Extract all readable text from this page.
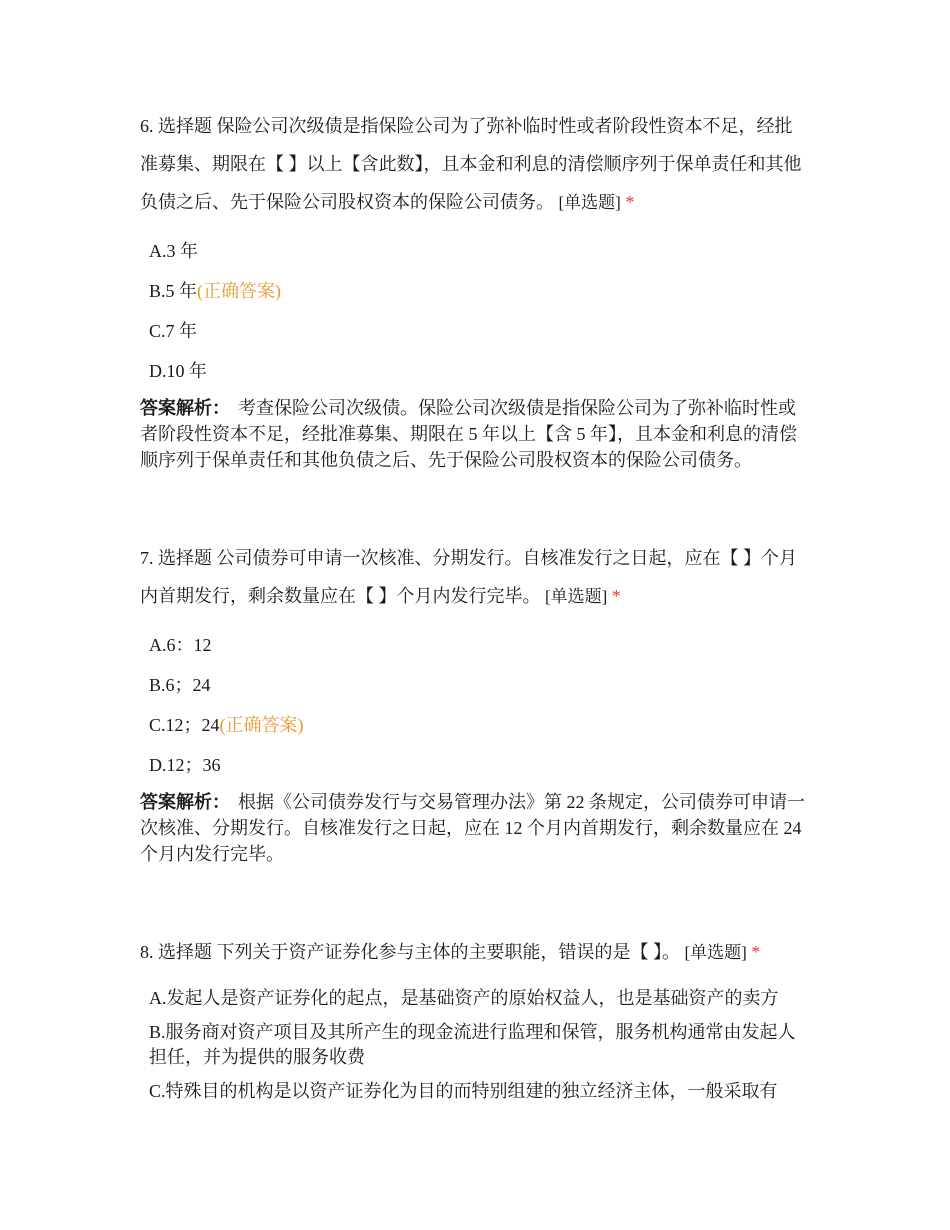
6. 选择题 保险公司次级债是指保险公司为了弥补临时性或者阶段性资本不足，经批准募集、期限在【 】以上【含此数】，且本金和利息的清偿顺序列于保单责任和其他负债之后、先于保险公司股权资本的保险公司债务。 [单选题] *

A.3 年
B.5 年(正确答案)
C.7 年
D.10 年
答案解析： 考查保险公司次级债。保险公司次级债是指保险公司为了弥补临时性或者阶段性资本不足，经批准募集、期限在 5 年以上【含 5 年】，且本金和利息的清偿顺序列于保单责任和其他负债之后、先于保险公司股权资本的保险公司债务。

7. 选择题 公司债券可申请一次核准、分期发行。自核准发行之日起，应在【 】个月内首期发行，剩余数量应在【 】个月内发行完毕。 [单选题] *

A.6：12
B.6；24
C.12；24(正确答案)
D.12；36
答案解析： 根据《公司债券发行与交易管理办法》第 22 条规定，公司债券可申请一次核准、分期发行。自核准发行之日起，应在 12 个月内首期发行，剩余数量应在 24 个月内发行完毕。

8. 选择题 下列关于资产证券化参与主体的主要职能，错误的是【 】。 [单选题] *

A.发起人是资产证券化的起点，是基础资产的原始权益人，也是基础资产的卖方
B.服务商对资产项目及其所产生的现金流进行监理和保管，服务机构通常由发起人担任，并为提供的服务收费
C.特殊目的机构是以资产证券化为目的而特别组建的独立经济主体，一般采取有
